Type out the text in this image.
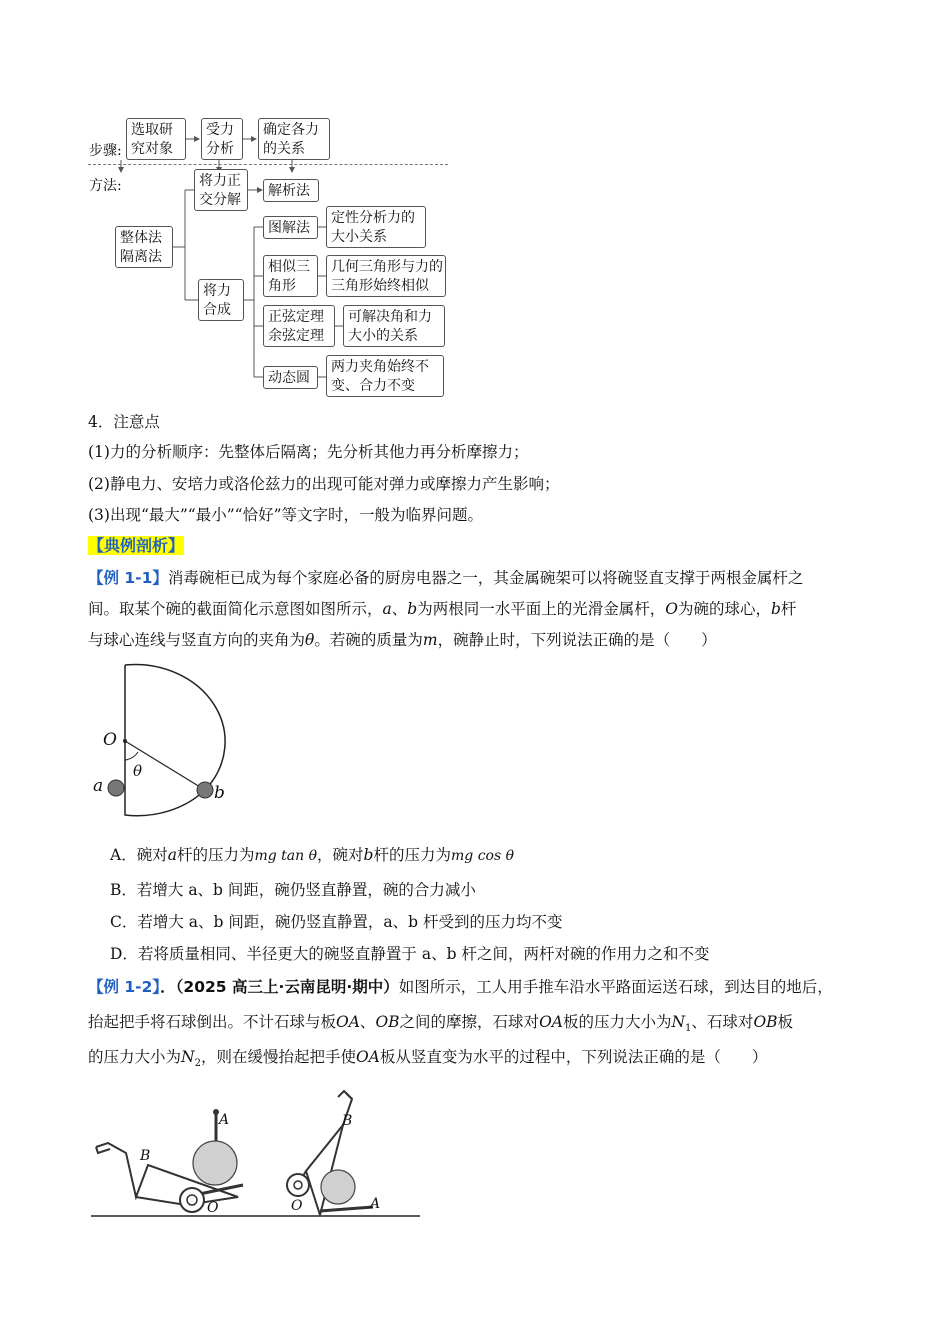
步骤:
方法:
选取研
究对象
受力
分析
确定各力
的关系
整体法
隔离法
将力正
交分解
解析法
将力
合成
图解法
定性分析力的
大小关系
相似三
角形
几何三角形与力的
三角形始终相似
正弦定理
余弦定理
可解决角和力
大小的关系
动态圆
两力夹角始终不
变、合力不变
4．注意点
(1)力的分析顺序：先整体后隔离；先分析其他力再分析摩擦力；
(2)静电力、安培力或洛伦兹力的出现可能对弹力或摩擦力产生影响；
(3)出现“最大”“最小”“恰好”等文字时，一般为临界问题。
【典例剖析】
【例 1-1】消毒碗柜已成为每个家庭必备的厨房电器之一，其金属碗架可以将碗竖直支撑于两根金属杆之
间。取某个碗的截面简化示意图如图所示，a、b为两根同一水平面上的光滑金属杆，O为碗的球心，b杆
与球心连线与竖直方向的夹角为θ。若碗的质量为m，碗静止时，下列说法正确的是（　　）
O
θ
a	b
A．碗对a杆的压力为mg tan θ，碗对b杆的压力为mg cos θ
B．若增大 a、b 间距，碗仍竖直静置，碗的合力减小
C．若增大 a、b 间距，碗仍竖直静置，a、b 杆受到的压力均不变
D．若将质量相同、半径更大的碗竖直静置于 a、b 杆之间，两杆对碗的作用力之和不变
【例 1-2】．（2025 高三上·云南昆明·期中）如图所示，工人用手推车沿水平路面运送石球，到达目的地后，
抬起把手将石球倒出。不计石球与板OA、OB之间的摩擦，石球对OA板的压力大小为$N_1$、石球对OB板
的压力大小为$N_2$，则在缓慢抬起把手使OA板从竖直变为水平的过程中，下列说法正确的是（　　）
A
B
O
B
O	A
